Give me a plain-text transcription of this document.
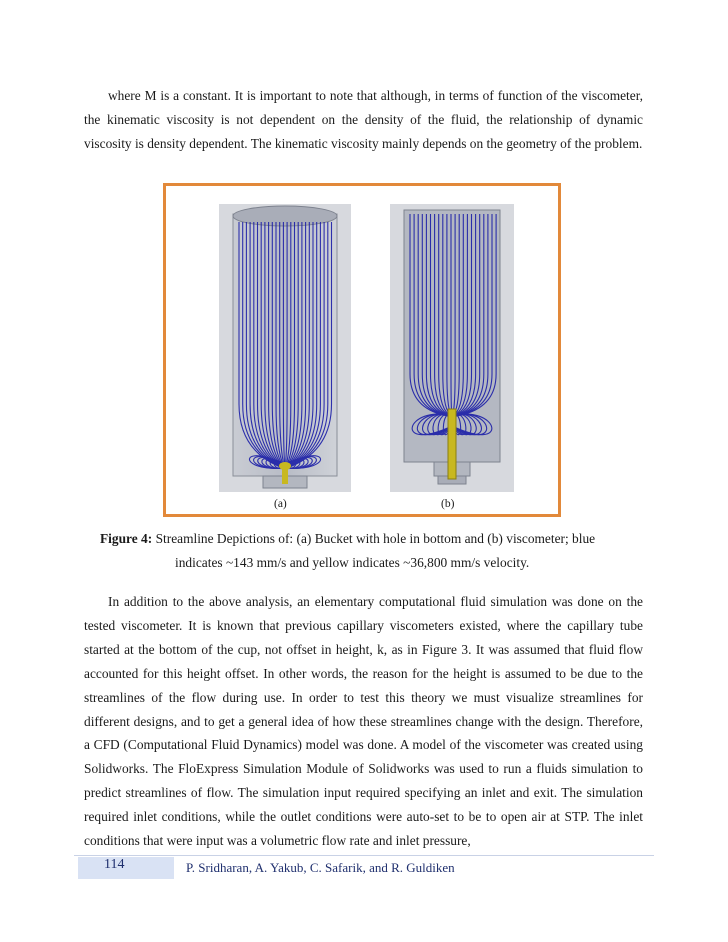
where M is a constant. It is important to note that although, in terms of function of the viscometer, the kinematic viscosity is not dependent on the density of the fluid, the relationship of dynamic viscosity is density dependent. The kinematic viscosity mainly depends on the geometry of the problem.

(a)	(b)
Figure 4: Streamline Depictions of: (a) Bucket with hole in bottom and (b) viscometer; blue
indicates ~143 mm/s and yellow indicates ~36,800 mm/s velocity.

In addition to the above analysis, an elementary computational fluid simulation was done on the tested viscometer. It is known that previous capillary viscometers existed, where the capillary tube started at the bottom of the cup, not offset in height, k, as in Figure 3. It was assumed that fluid flow accounted for this height offset. In other words, the reason for the height is assumed to be due to the streamlines of the flow during use. In order to test this theory we must visualize streamlines for different designs, and to get a general idea of how these streamlines change with the design. Therefore, a CFD (Computational Fluid Dynamics) model was done. A model of the viscometer was created using Solidworks. The FloExpress Simulation Module of Solidworks was used to run a fluids simulation to predict streamlines of flow. The simulation input required specifying an inlet and exit. The simulation required inlet conditions, while the outlet conditions were auto-set to be to open air at STP. The inlet conditions that were input was a volumetric flow rate and inlet pressure,

114	P. Sridharan, A. Yakub, C. Safarik, and R. Guldiken
